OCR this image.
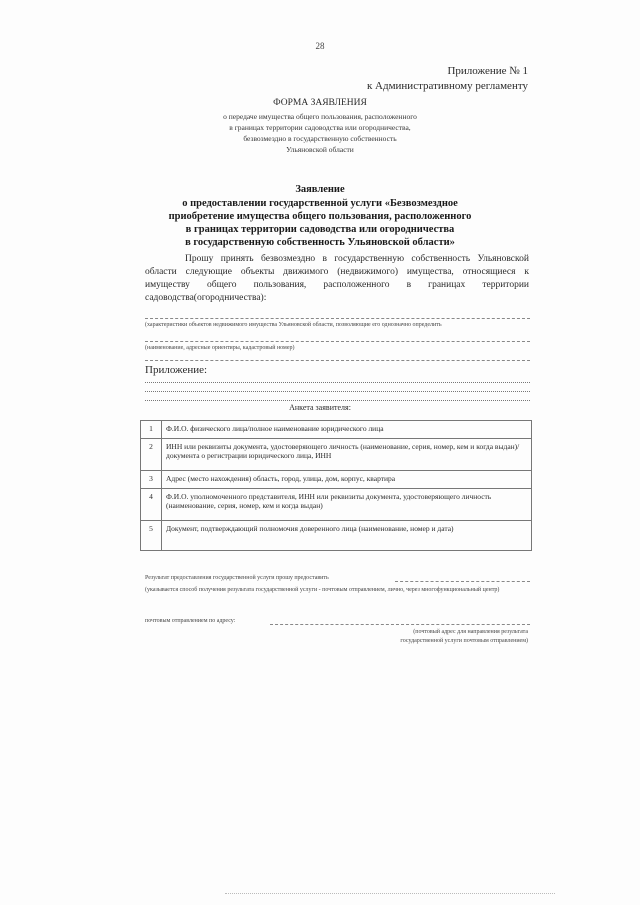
28
Приложение № 1
к Административному регламенту
ФОРМА ЗАЯВЛЕНИЯ
о передаче имущества общего пользования, расположенного
в границах территории садоводства или огородничества,
безвозмездно в государственную собственность
Ульяновской области
Заявление
о предоставлении государственной услуги «Безвозмездное
приобретение имущества общего пользования, расположенного
в границах территории садоводства или огородничества
в государственную собственность Ульяновской области»

Прошу принять безвозмездно в государственную собственность Ульяновской области следующие объекты движимого (недвижимого) имущества, относящиеся к имуществу общего пользования, расположенного в границах территории садоводства(огородничества):

(характеристики объектов недвижимого имущества Ульяновской области, позволяющие его однозначно определить
(наименование, адресные ориентиры, кадастровый номер)
Приложение:
Анкета заявителя:
1	Ф.И.О. физического лица/полное наименование юридического лица
2	ИНН или реквизиты документа, удостоверяющего личность (наименование, серия, номер, кем и когда выдан)/документа о регистрации юридического лица, ИНН
3	Адрес (место нахождения) область, город, улица, дом, корпус, квартира
4	Ф.И.О. уполномоченного представителя, ИНН или реквизиты документа, удостоверяющего личность (наименование, серия, номер, кем и когда выдан)
5	Документ, подтверждающий полномочия доверенного лица (наименование, номер и дата)
Результат предоставления государственной услуги прошу предоставить
(указывается способ получения результата государственной услуги - почтовым отправлением, лично, через многофункциональный центр)
почтовым отправлением по адресу:
(почтовый адрес для направления результата
государственной услуги почтовым отправлением)
